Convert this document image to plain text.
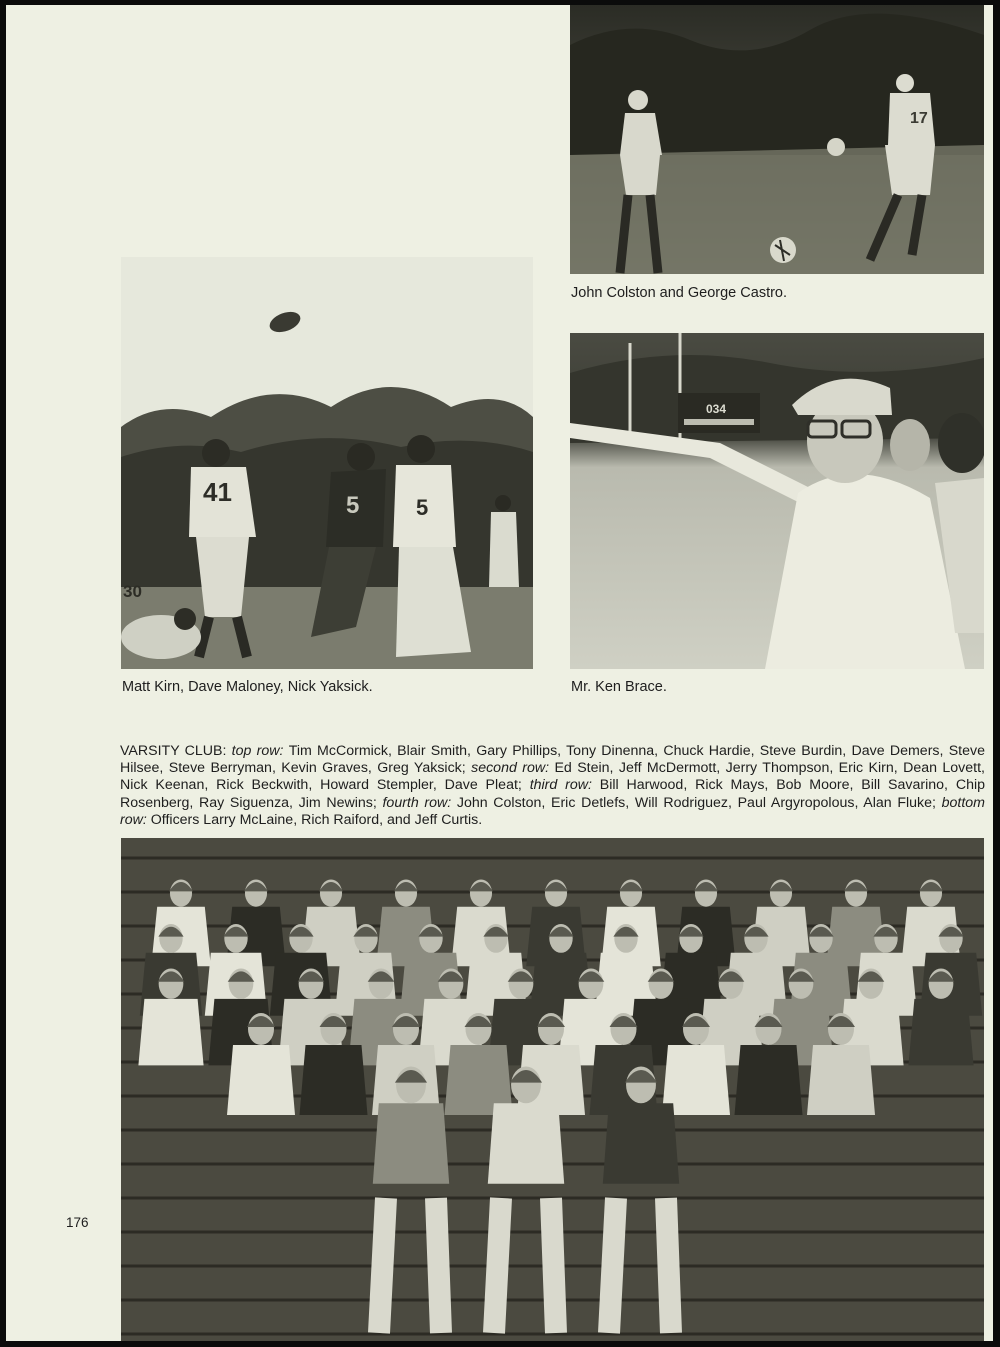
17
John Colston and George Castro.
41	5	5
30
Matt Kirn, Dave Maloney, Nick Yaksick.
034
Mr. Ken Brace.
VARSITY CLUB: top row: Tim McCormick, Blair Smith, Gary Phillips, Tony Dinenna, Chuck Hardie, Steve Burdin, Dave Demers, Steve Hilsee, Steve Berryman, Kevin Graves, Greg Yaksick; second row: Ed Stein, Jeff McDermott, Jerry Thompson, Eric Kirn, Dean Lovett, Nick Keenan, Rick Beckwith, Howard Stempler, Dave Pleat; third row: Bill Harwood, Rick Mays, Bob Moore, Bill Savarino, Chip Rosenberg, Ray Siguenza, Jim Newins; fourth row: John Colston, Eric Detlefs, Will Rodriguez, Paul Argyropolous, Alan Fluke; bottom row: Officers Larry McLaine, Rich Raiford, and Jeff Curtis.
176
